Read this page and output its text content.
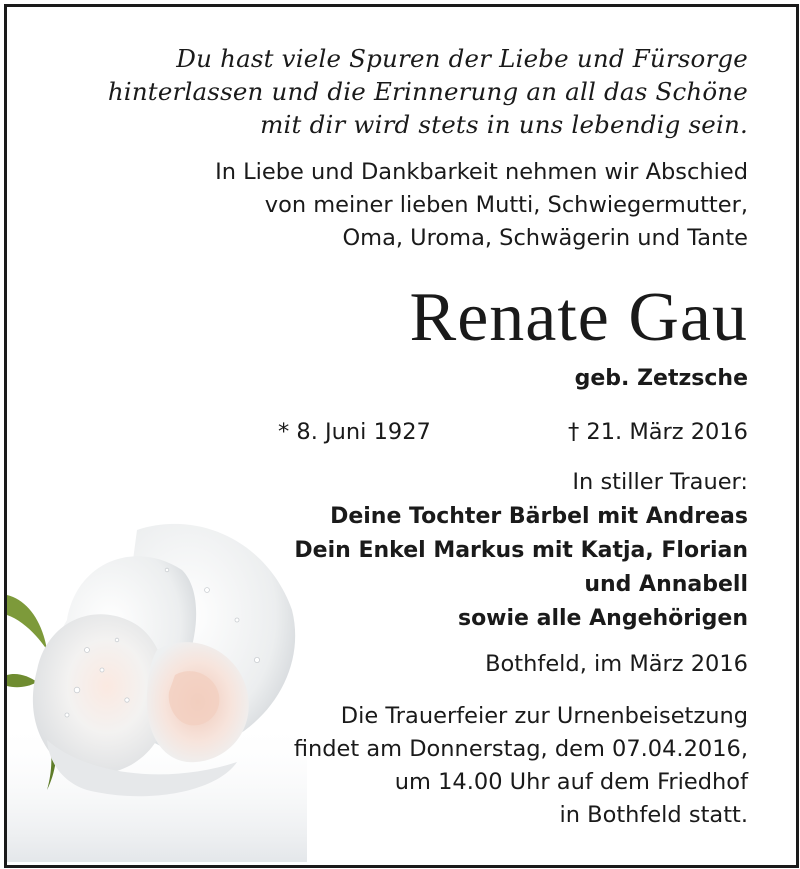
Du hast viele Spuren der Liebe und Fürsorge
hinterlassen und die Erinnerung an all das Schöne
mit dir wird stets in uns lebendig sein.

In Liebe und Dankbarkeit nehmen wir Abschied
von meiner lieben Mutti, Schwiegermutter,
Oma, Uroma, Schwägerin und Tante

Renate Gau

geb. Zetzsche

* 8. Juni 1927	† 21. März 2016

In stiller Trauer:

Deine Tochter Bärbel mit Andreas
Dein Enkel Markus mit Katja, Florian
und Annabell
sowie alle Angehörigen

Bothfeld, im März 2016

Die Trauerfeier zur Urnenbeisetzung
findet am Donnerstag, dem 07.04.2016,
um 14.00 Uhr auf dem Friedhof
in Bothfeld statt.
